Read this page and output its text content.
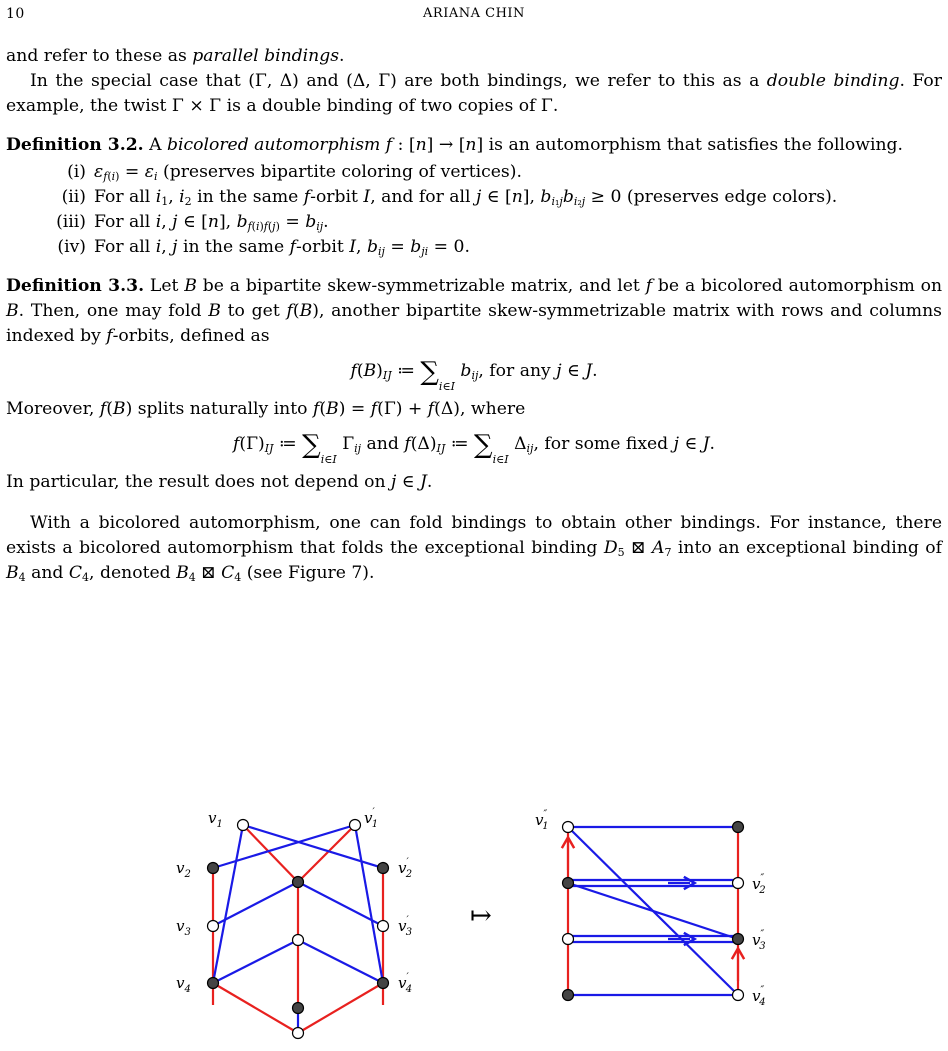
10	ARIANA CHIN

and refer to these as parallel bindings.

In the special case that (Γ, Δ) and (Δ, Γ) are both bindings, we refer to this as a double binding. For example, the twist Γ × Γ is a double binding of two copies of Γ.

Definition 3.2. A bicolored automorphism f : [n] → [n] is an automorphism that satisfies the following.

(i) $\varepsilon_{f(i)} = \varepsilon_i$ (preserves bipartite coloring of vertices).
(ii) For all $i_1$, $i_2$ in the same f-orbit I, and for all j ∈ [n], $b_{i_1j}b_{i_2j} \ge 0$ (preserves edge colors).
(iii) For all i, j ∈ [n], $b_{f(i)f(j)} = b_{ij}$.
(iv) For all i, j in the same f-orbit I, $b_{ij} = b_{ji} = 0$.

Definition 3.3. Let B be a bipartite skew-symmetrizable matrix, and let f be a bicolored automorphism on B. Then, one may fold B to get f(B), another bipartite skew-symmetrizable matrix with rows and columns indexed by f-orbits, defined as

$f(B)_{IJ}$ ≔ $\sum_{i\in I}$ $b_{ij}$, for any j ∈ J.

Moreover, f(B) splits naturally into f(B) = f(Γ) + f(Δ), where

$f(\Gamma)_{IJ}$ ≔ $\sum_{i\in I}$ $\Gamma_{ij}$ and $f(\Delta)_{IJ}$ ≔ $\sum_{i\in I}$ $\Delta_{ij}$, for some fixed j ∈ J.

In particular, the result does not depend on j ∈ J.

With a bicolored automorphism, one can fold bindings to obtain other bindings. For instance, there exists a bicolored automorphism that folds the exceptional binding $D_5$ ⊠ $A_7$ into an exceptional binding of $B_4$ and $C_4$, denoted $B_4$ ⊠ $C_4$ (see Figure 7).

$v_1$	v′ 1
$v_2$	v′ 2
$v_3$	v′ 3
$v_4$	v′ 4
↦
v″ 1
v″ 2
v″ 3
v″ 4
